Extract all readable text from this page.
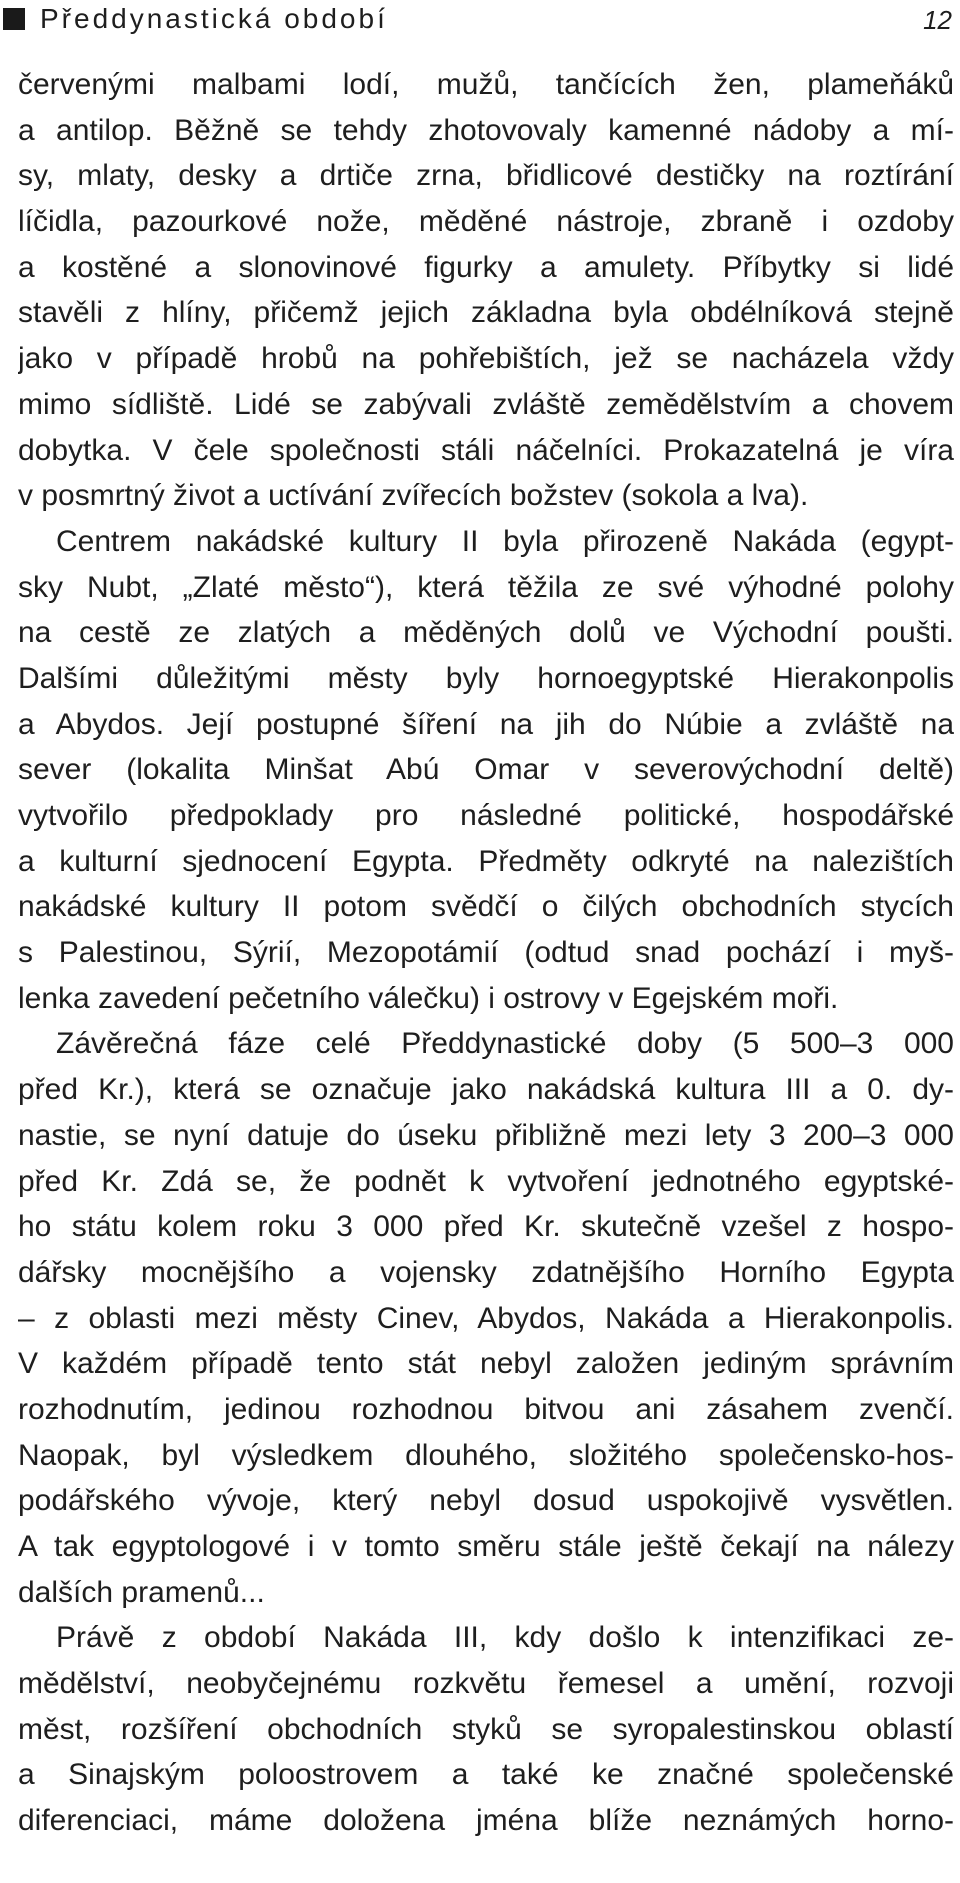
Předdynastická období	12
červenými malbami lodí, mužů, tančících žen, plameňáků
a antilop. Běžně se tehdy zhotovovaly kamenné nádoby a mí-
sy, mlaty, desky a drtiče zrna, břidlicové destičky na roztírání
líčidla, pazourkové nože, měděné nástroje, zbraně i ozdoby
a kostěné a slonovinové figurky a amulety. Příbytky si lidé
stavěli z hlíny, přičemž jejich základna byla obdélníková stejně
jako v případě hrobů na pohřebištích, jež se nacházela vždy
mimo sídliště. Lidé se zabývali zvláště zemědělstvím a chovem
dobytka. V čele společnosti stáli náčelníci. Prokazatelná je víra
v posmrtný život a uctívání zvířecích božstev (sokola a lva).
Centrem nakádské kultury II byla přirozeně Nakáda (egypt-
sky Nubt, „Zlaté město“), která těžila ze své výhodné polohy
na cestě ze zlatých a měděných dolů ve Východní poušti.
Dalšími důležitými městy byly hornoegyptské Hierakonpolis
a Abydos. Její postupné šíření na jih do Núbie a zvláště na
sever (lokalita Minšat Abú Omar v severovýchodní deltě)
vytvořilo předpoklady pro následné politické, hospodářské
a kulturní sjednocení Egypta. Předměty odkryté na nalezištích
nakádské kultury II potom svědčí o čilých obchodních stycích
s Palestinou, Sýrií, Mezopotámií (odtud snad pochází i myš-
lenka zavedení pečetního válečku) i ostrovy v Egejském moři.
Závěrečná fáze celé Předdynastické doby (5 500–3 000
před Kr.), která se označuje jako nakádská kultura III a 0. dy-
nastie, se nyní datuje do úseku přibližně mezi lety 3 200–3 000
před Kr. Zdá se, že podnět k vytvoření jednotného egyptské-
ho státu kolem roku 3 000 před Kr. skutečně vzešel z hospo-
dářsky mocnějšího a vojensky zdatnějšího Horního Egypta
– z oblasti mezi městy Cinev, Abydos, Nakáda a Hierakonpolis.
V každém případě tento stát nebyl založen jediným správním
rozhodnutím, jedinou rozhodnou bitvou ani zásahem zvenčí.
Naopak, byl výsledkem dlouhého, složitého společensko-hos-
podářského vývoje, který nebyl dosud uspokojivě vysvětlen.
A tak egyptologové i v tomto směru stále ještě čekají na nálezy
dalších pramenů...
Právě z období Nakáda III, kdy došlo k intenzifikaci ze-
mědělství, neobyčejnému rozkvětu řemesel a umění, rozvoji
měst, rozšíření obchodních styků se syropalestinskou oblastí
a Sinajským poloostrovem a také ke značné společenské
diferenciaci, máme doložena jména blíže neznámých horno-
